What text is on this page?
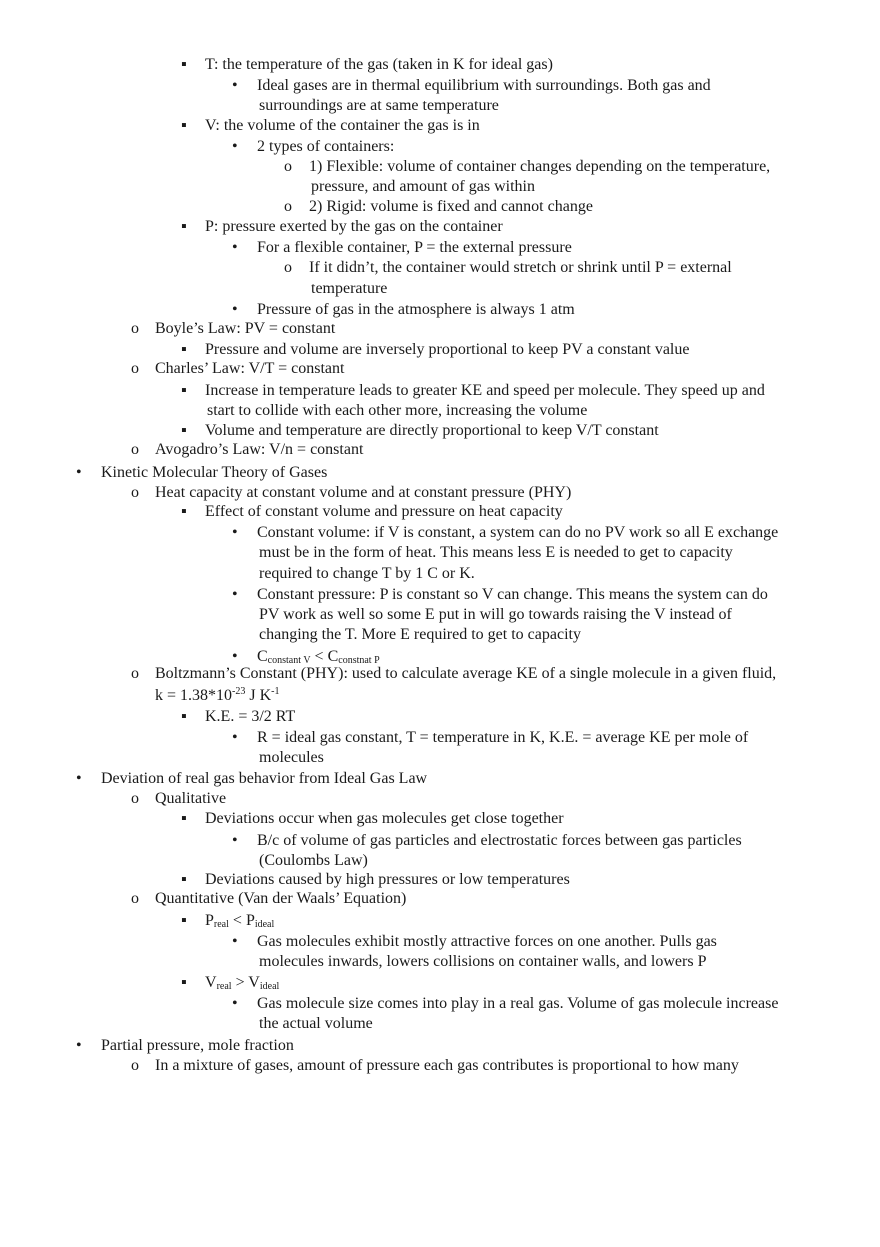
▪ T: the temperature of the gas (taken in K for ideal gas)
• Ideal gases are in thermal equilibrium with surroundings. Both gas and
surroundings are at same temperature
▪ V: the volume of the container the gas is in
• 2 types of containers:
o 1) Flexible: volume of container changes depending on the temperature,
pressure, and amount of gas within
o 2) Rigid: volume is fixed and cannot change
▪ P: pressure exerted by the gas on the container
• For a flexible container, P = the external pressure
o If it didn’t, the container would stretch or shrink until P = external
temperature
• Pressure of gas in the atmosphere is always 1 atm
o Boyle’s Law: PV = constant
▪ Pressure and volume are inversely proportional to keep PV a constant value
o Charles’ Law: V/T = constant
▪ Increase in temperature leads to greater KE and speed per molecule. They speed up and
start to collide with each other more, increasing the volume
▪ Volume and temperature are directly proportional to keep V/T constant
o Avogadro’s Law: V/n = constant
• Kinetic Molecular Theory of Gases
o Heat capacity at constant volume and at constant pressure (PHY)
▪ Effect of constant volume and pressure on heat capacity
• Constant volume: if V is constant, a system can do no PV work so all E exchange
must be in the form of heat. This means less E is needed to get to capacity
required to change T by 1 C or K.
• Constant pressure: P is constant so V can change. This means the system can do
PV work as well so some E put in will go towards raising the V instead of
changing the T. More E required to get to capacity
• $C_{constant V} < C_{constnat P}$
o Boltzmann’s Constant (PHY): used to calculate average KE of a single molecule in a given fluid,
$k = 1.38*10^{-23}$ J $K^{-1}$
▪ K.E. = 3/2 RT
• R = ideal gas constant, T = temperature in K, K.E. = average KE per mole of
molecules
• Deviation of real gas behavior from Ideal Gas Law
o Qualitative
▪ Deviations occur when gas molecules get close together
• B/c of volume of gas particles and electrostatic forces between gas particles
(Coulombs Law)
▪ Deviations caused by high pressures or low temperatures
o Quantitative (Van der Waals’ Equation)
▪ $P_{real} < P_{ideal}$
• Gas molecules exhibit mostly attractive forces on one another. Pulls gas
molecules inwards, lowers collisions on container walls, and lowers P
▪ $V_{real} > V_{ideal}$
• Gas molecule size comes into play in a real gas. Volume of gas molecule increase
the actual volume
• Partial pressure, mole fraction
o In a mixture of gases, amount of pressure each gas contributes is proportional to how many
